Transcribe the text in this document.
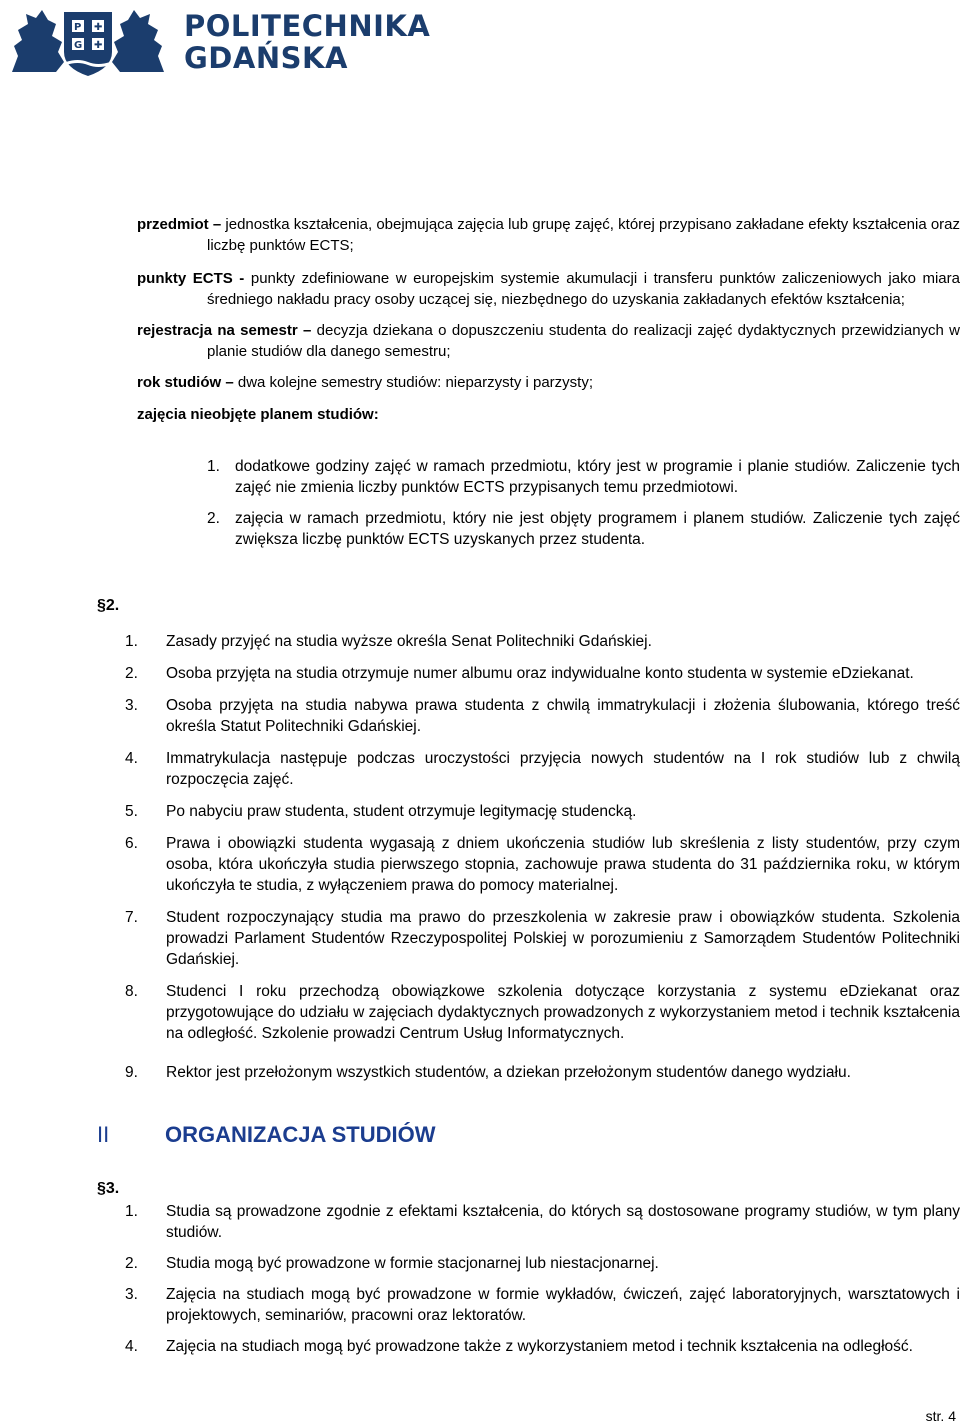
P
G
✚
✚
POLITECHNIKA
GDAŃSKA
przedmiot – jednostka kształcenia, obejmująca zajęcia lub grupę zajęć, której przypisano zakładane efekty kształcenia oraz liczbę punktów ECTS;
punkty ECTS - punkty zdefiniowane w europejskim systemie akumulacji i transferu punktów zaliczeniowych jako miara średniego nakładu pracy osoby uczącej się, niezbędnego do uzyskania zakładanych efektów kształcenia;
rejestracja na semestr – decyzja dziekana o dopuszczeniu studenta do realizacji zajęć dydaktycznych przewidzianych w planie studiów dla danego semestru;
rok studiów – dwa kolejne semestry studiów: nieparzysty i parzysty;
zajęcia nieobjęte planem studiów:
1. dodatkowe godziny zajęć w ramach przedmiotu, który jest w programie i planie studiów. Zaliczenie tych zajęć nie zmienia liczby punktów ECTS przypisanych temu przedmiotowi.
2. zajęcia w ramach przedmiotu, który nie jest objęty programem i planem studiów. Zaliczenie tych zajęć zwiększa liczbę punktów ECTS uzyskanych przez studenta.
§2.
1.	Zasady przyjęć na studia wyższe określa Senat Politechniki Gdańskiej.
2.	Osoba przyjęta na studia otrzymuje numer albumu oraz indywidualne konto studenta w systemie eDziekanat.
3.	Osoba przyjęta na studia nabywa prawa studenta z chwilą immatrykulacji i złożenia ślubowania, którego treść określa Statut Politechniki Gdańskiej.
4.	Immatrykulacja następuje podczas uroczystości przyjęcia nowych studentów na I rok studiów lub z chwilą rozpoczęcia zajęć.
5.	Po nabyciu praw studenta, student otrzymuje legitymację studencką.
6.	Prawa i obowiązki studenta wygasają z dniem ukończenia studiów lub skreślenia z listy studentów, przy czym osoba, która ukończyła studia pierwszego stopnia, zachowuje prawa studenta do 31 października roku, w którym ukończyła te studia, z wyłączeniem prawa do pomocy materialnej.
7.	Student rozpoczynający studia ma prawo do przeszkolenia w zakresie praw i obowiązków studenta. Szkolenia prowadzi Parlament Studentów Rzeczypospolitej Polskiej w porozumieniu z Samorządem Studentów Politechniki Gdańskiej.
8.	Studenci I roku przechodzą obowiązkowe szkolenia dotyczące korzystania z systemu eDziekanat oraz przygotowujące do udziału w zajęciach dydaktycznych prowadzonych z wykorzystaniem metod i technik kształcenia na odległość. Szkolenie prowadzi Centrum Usług Informatycznych.
9.	Rektor jest przełożonym wszystkich studentów, a dziekan przełożonym studentów danego wydziału.
II	ORGANIZACJA STUDIÓW
§3.
1.	Studia są prowadzone zgodnie z efektami kształcenia, do których są dostosowane programy studiów, w tym plany studiów.
2.	Studia mogą być prowadzone w formie stacjonarnej lub niestacjonarnej.
3.	Zajęcia na studiach mogą być prowadzone w formie wykładów, ćwiczeń, zajęć laboratoryjnych, warsztatowych i projektowych, seminariów, pracowni oraz lektoratów.
4.	Zajęcia na studiach mogą być prowadzone także z wykorzystaniem metod i technik kształcenia na odległość.
str. 4
